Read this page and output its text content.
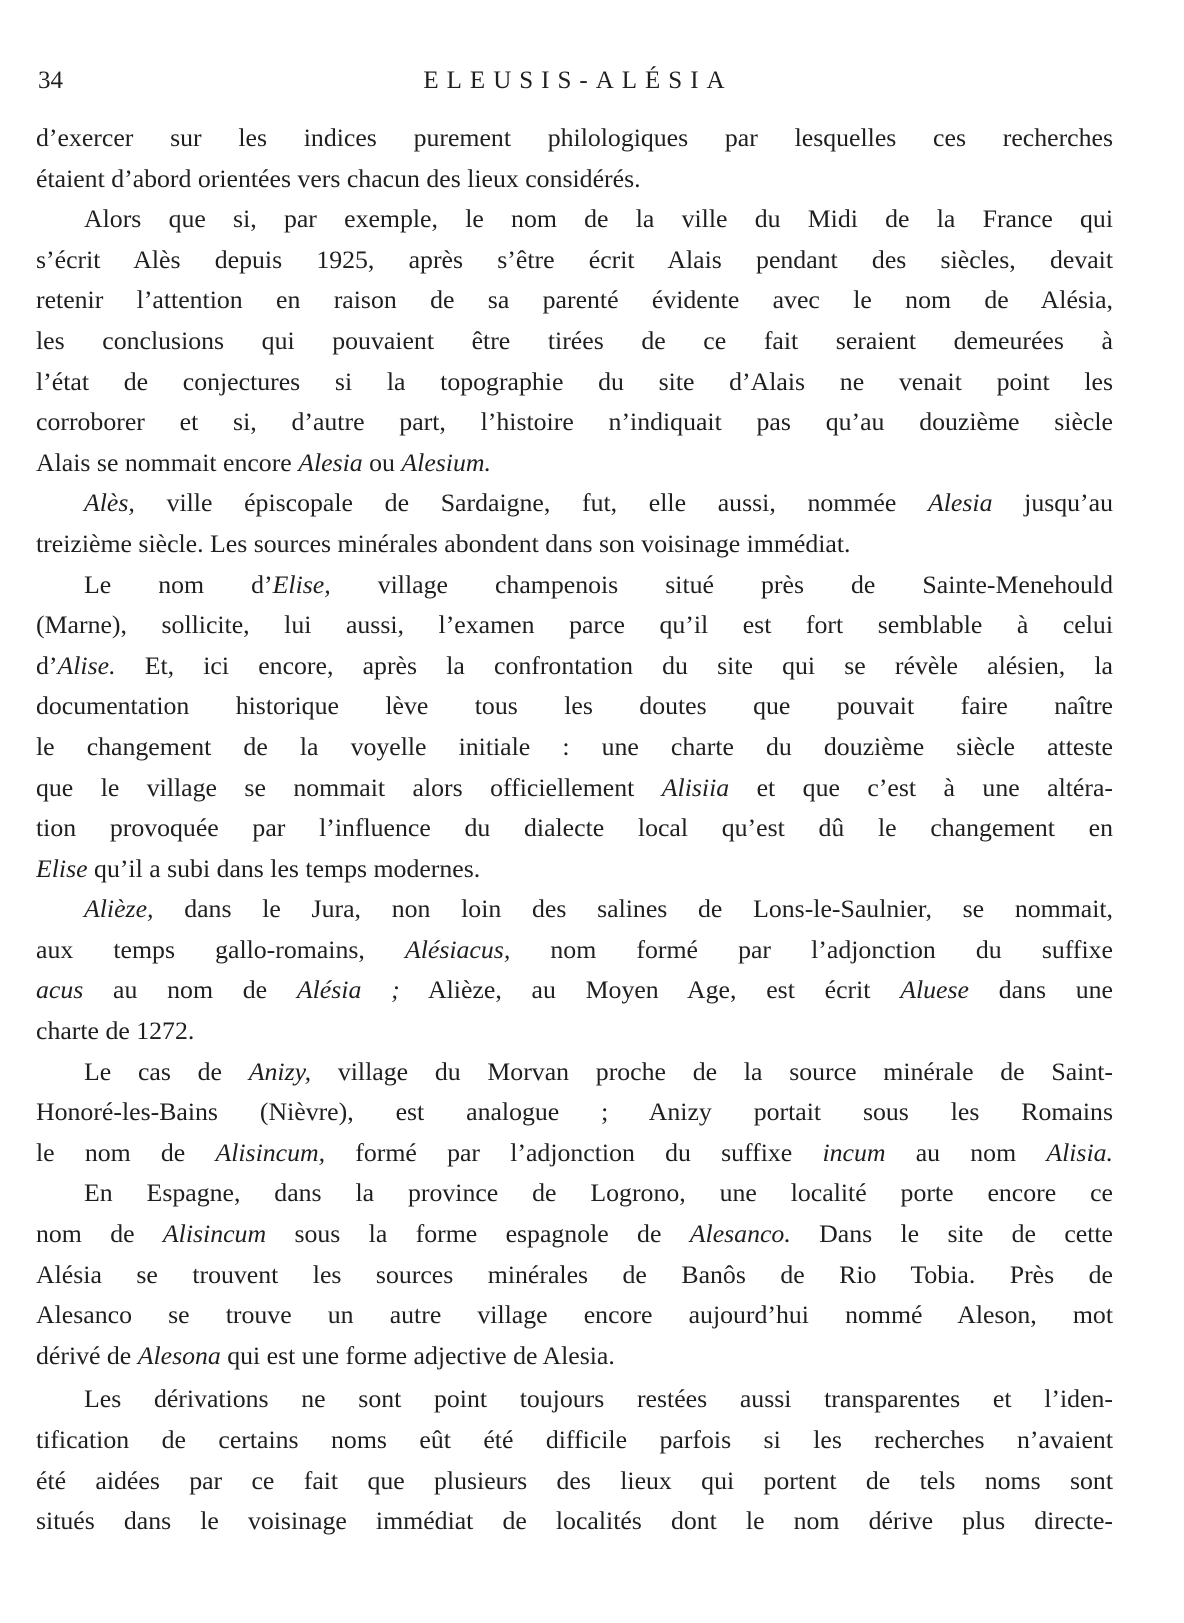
34	ELEUSIS-ALÉSIA
d’exercer sur les indices purement philologiques par lesquelles ces recherches
étaient d’abord orientées vers chacun des lieux considérés.
Alors que si, par exemple, le nom de la ville du Midi de la France qui
s’écrit Alès depuis 1925, après s’être écrit Alais pendant des siècles, devait
retenir l’attention en raison de sa parenté évidente avec le nom de Alésia,
les conclusions qui pouvaient être tirées de ce fait seraient demeurées à
l’état de conjectures si la topographie du site d’Alais ne venait point les
corroborer et si, d’autre part, l’histoire n’indiquait pas qu’au douzième siècle
Alais se nommait encore Alesia ou Alesium.
Alès, ville épiscopale de Sardaigne, fut, elle aussi, nommée Alesia jusqu’au
treizième siècle. Les sources minérales abondent dans son voisinage immédiat.
Le nom d’Elise, village champenois situé près de Sainte-Menehould
(Marne), sollicite, lui aussi, l’examen parce qu’il est fort semblable à celui
d’Alise. Et, ici encore, après la confrontation du site qui se révèle alésien, la
documentation historique lève tous les doutes que pouvait faire naître
le changement de la voyelle initiale : une charte du douzième siècle atteste
que le village se nommait alors officiellement Alisiia et que c’est à une altéra-
tion provoquée par l’influence du dialecte local qu’est dû le changement en
Elise qu’il a subi dans les temps modernes.
Alièze, dans le Jura, non loin des salines de Lons-le-Saulnier, se nommait,
aux temps gallo-romains, Alésiacus, nom formé par l’adjonction du suffixe
acus au nom de Alésia ; Alièze, au Moyen Age, est écrit Aluese dans une
charte de 1272.
Le cas de Anizy, village du Morvan proche de la source minérale de Saint-
Honoré-les-Bains (Nièvre), est analogue ; Anizy portait sous les Romains
le nom de Alisincum, formé par l’adjonction du suffixe incum au nom Alisia.
En Espagne, dans la province de Logrono, une localité porte encore ce
nom de Alisincum sous la forme espagnole de Alesanco. Dans le site de cette
Alésia se trouvent les sources minérales de Banôs de Rio Tobia. Près de
Alesanco se trouve un autre village encore aujourd’hui nommé Aleson, mot
dérivé de Alesona qui est une forme adjective de Alesia.
Les dérivations ne sont point toujours restées aussi transparentes et l’iden-
tification de certains noms eût été difficile parfois si les recherches n’avaient
été aidées par ce fait que plusieurs des lieux qui portent de tels noms sont
situés dans le voisinage immédiat de localités dont le nom dérive plus directe-
